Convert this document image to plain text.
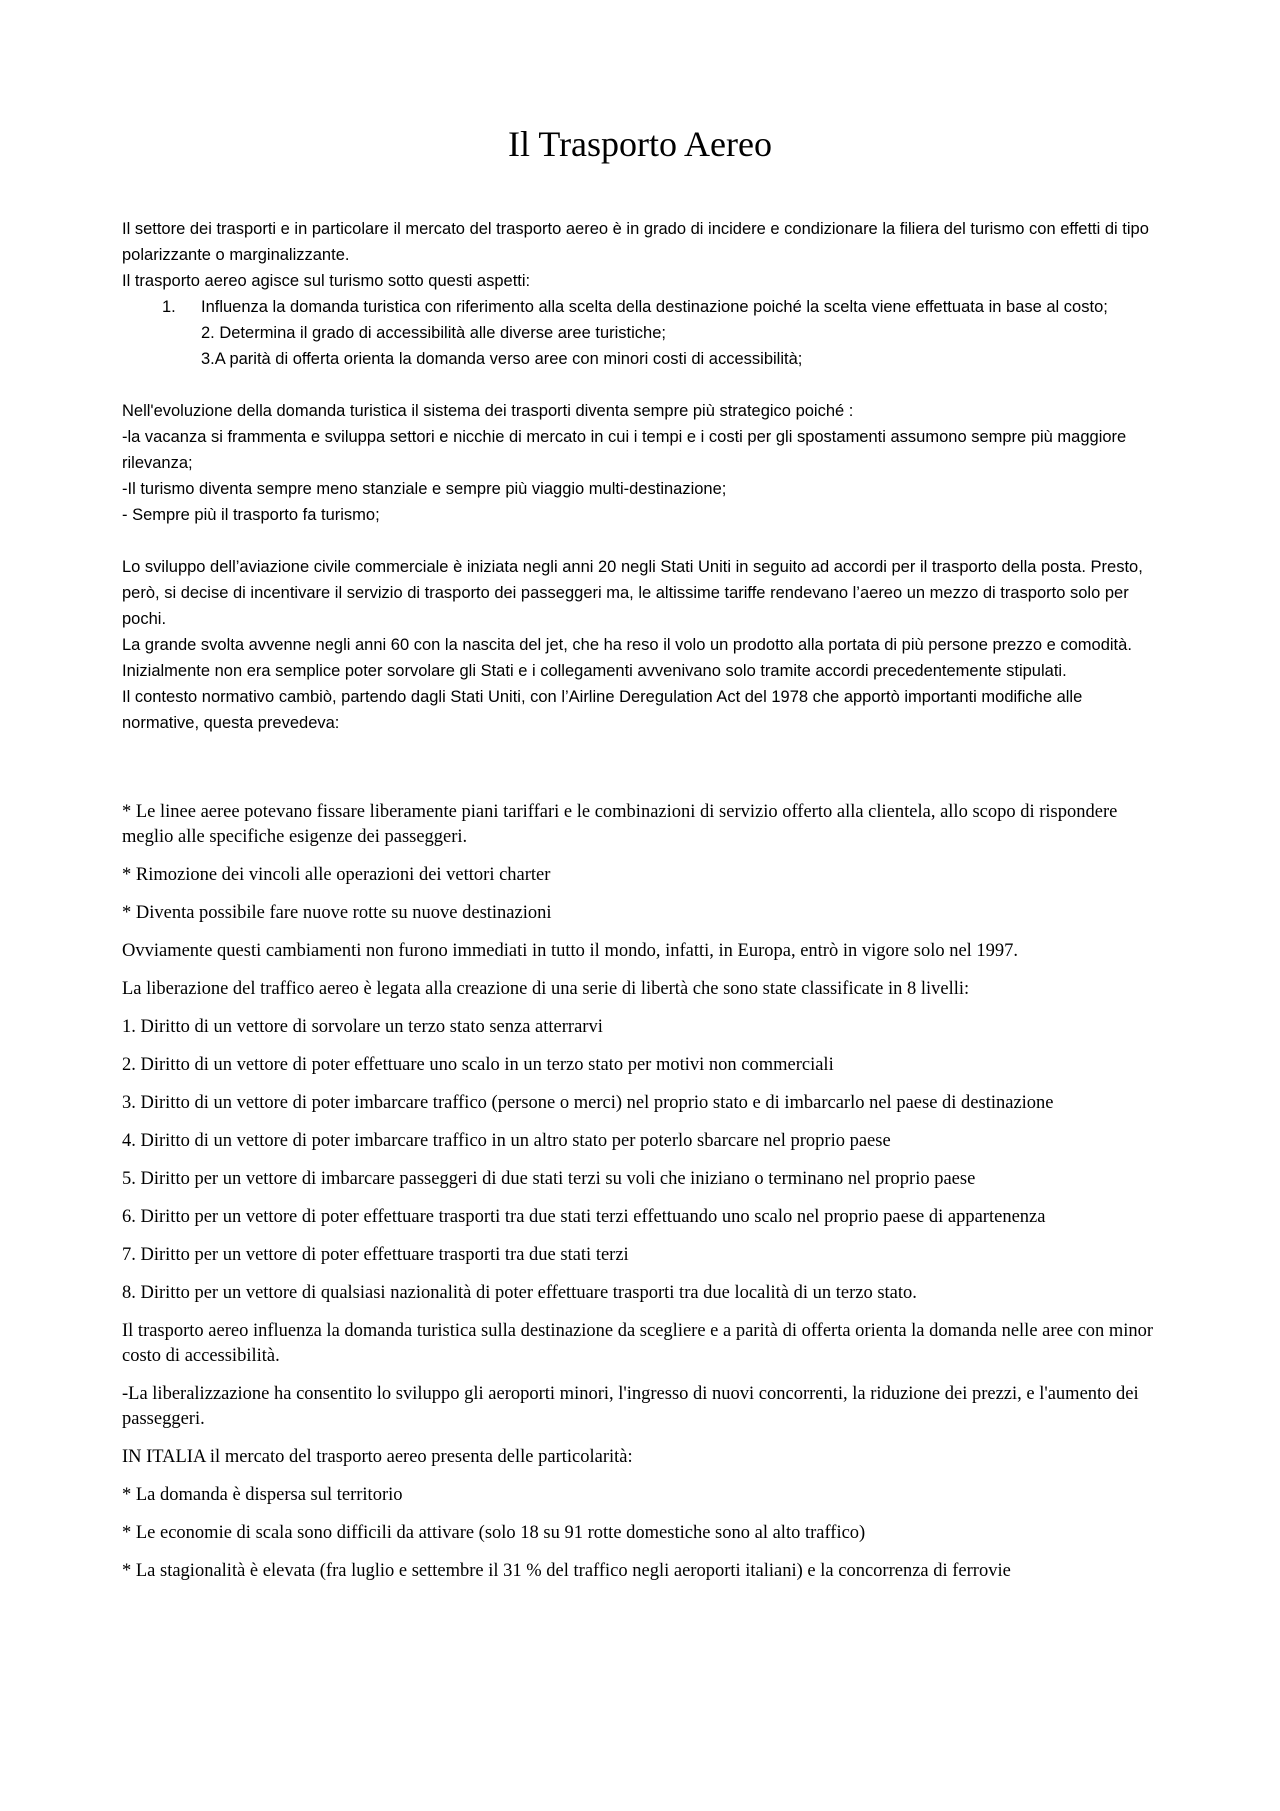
Il Trasporto Aereo

Il settore dei trasporti e in particolare il mercato del trasporto aereo è in grado di incidere e condizionare la filiera del turismo con effetti di tipo polarizzante o marginalizzante.

Il trasporto aereo agisce sul turismo sotto questi aspetti:

1. Influenza la domanda turistica con riferimento alla scelta della destinazione poiché la scelta viene effettuata in base al costo;
2. Determina il grado di accessibilità alle diverse aree turistiche;
3.A parità di offerta orienta la domanda verso aree con minori costi di accessibilità;

Nell'evoluzione della domanda turistica il sistema dei trasporti diventa sempre più strategico poiché :

-la vacanza si frammenta e sviluppa settori e nicchie di mercato in cui i tempi e i costi per gli spostamenti assumono sempre più maggiore rilevanza;

-Il turismo diventa sempre meno stanziale e sempre più viaggio multi-destinazione;

- Sempre più il trasporto fa turismo;

Lo sviluppo dell’aviazione civile commerciale è iniziata negli anni 20 negli Stati Uniti in seguito ad accordi per il trasporto della posta. Presto, però, si decise di incentivare il servizio di trasporto dei passeggeri ma, le altissime tariffe rendevano l’aereo un mezzo di trasporto solo per pochi.

La grande svolta avvenne negli anni 60 con la nascita del jet, che ha reso il volo un prodotto alla portata di più persone prezzo e comodità. Inizialmente non era semplice poter sorvolare gli Stati e i collegamenti avvenivano solo tramite accordi precedentemente stipulati.

Il contesto normativo cambiò, partendo dagli Stati Uniti, con l’Airline Deregulation Act del 1978 che apportò importanti modifiche alle normative, questa prevedeva:

* Le linee aeree potevano fissare liberamente piani tariffari e le combinazioni di servizio offerto alla clientela, allo scopo di rispondere meglio alle specifiche esigenze dei passeggeri.

* Rimozione dei vincoli alle operazioni dei vettori charter

* Diventa possibile fare nuove rotte su nuove destinazioni

Ovviamente questi cambiamenti non furono immediati in tutto il mondo, infatti, in Europa, entrò in vigore solo nel 1997.

La liberazione del traffico aereo è legata alla creazione di una serie di libertà che sono state classificate in 8 livelli:

1. Diritto di un vettore di sorvolare un terzo stato senza atterrarvi

2. Diritto di un vettore di poter effettuare uno scalo in un terzo stato per motivi non commerciali

3. Diritto di un vettore di poter imbarcare traffico (persone o merci) nel proprio stato e di imbarcarlo nel paese di destinazione

4. Diritto di un vettore di poter imbarcare traffico in un altro stato per poterlo sbarcare nel proprio paese

5. Diritto per un vettore di imbarcare passeggeri di due stati terzi su voli che iniziano o terminano nel proprio paese

6. Diritto per un vettore di poter effettuare trasporti tra due stati terzi effettuando uno scalo nel proprio paese di appartenenza

7. Diritto per un vettore di poter effettuare trasporti tra due stati terzi

8. Diritto per un vettore di qualsiasi nazionalità di poter effettuare trasporti tra due località di un terzo stato.

Il trasporto aereo influenza la domanda turistica sulla destinazione da scegliere e a parità di offerta orienta la domanda nelle aree con minor costo di accessibilità.

-La liberalizzazione ha consentito lo sviluppo gli aeroporti minori, l'ingresso di nuovi concorrenti, la riduzione dei prezzi, e l'aumento dei passeggeri.

IN ITALIA il mercato del trasporto aereo presenta delle particolarità:

* La domanda è dispersa sul territorio

* Le economie di scala sono difficili da attivare (solo 18 su 91 rotte domestiche sono al alto traffico)

* La stagionalità è elevata (fra luglio e settembre il 31 % del traffico negli aeroporti italiani) e la concorrenza di ferrovie
